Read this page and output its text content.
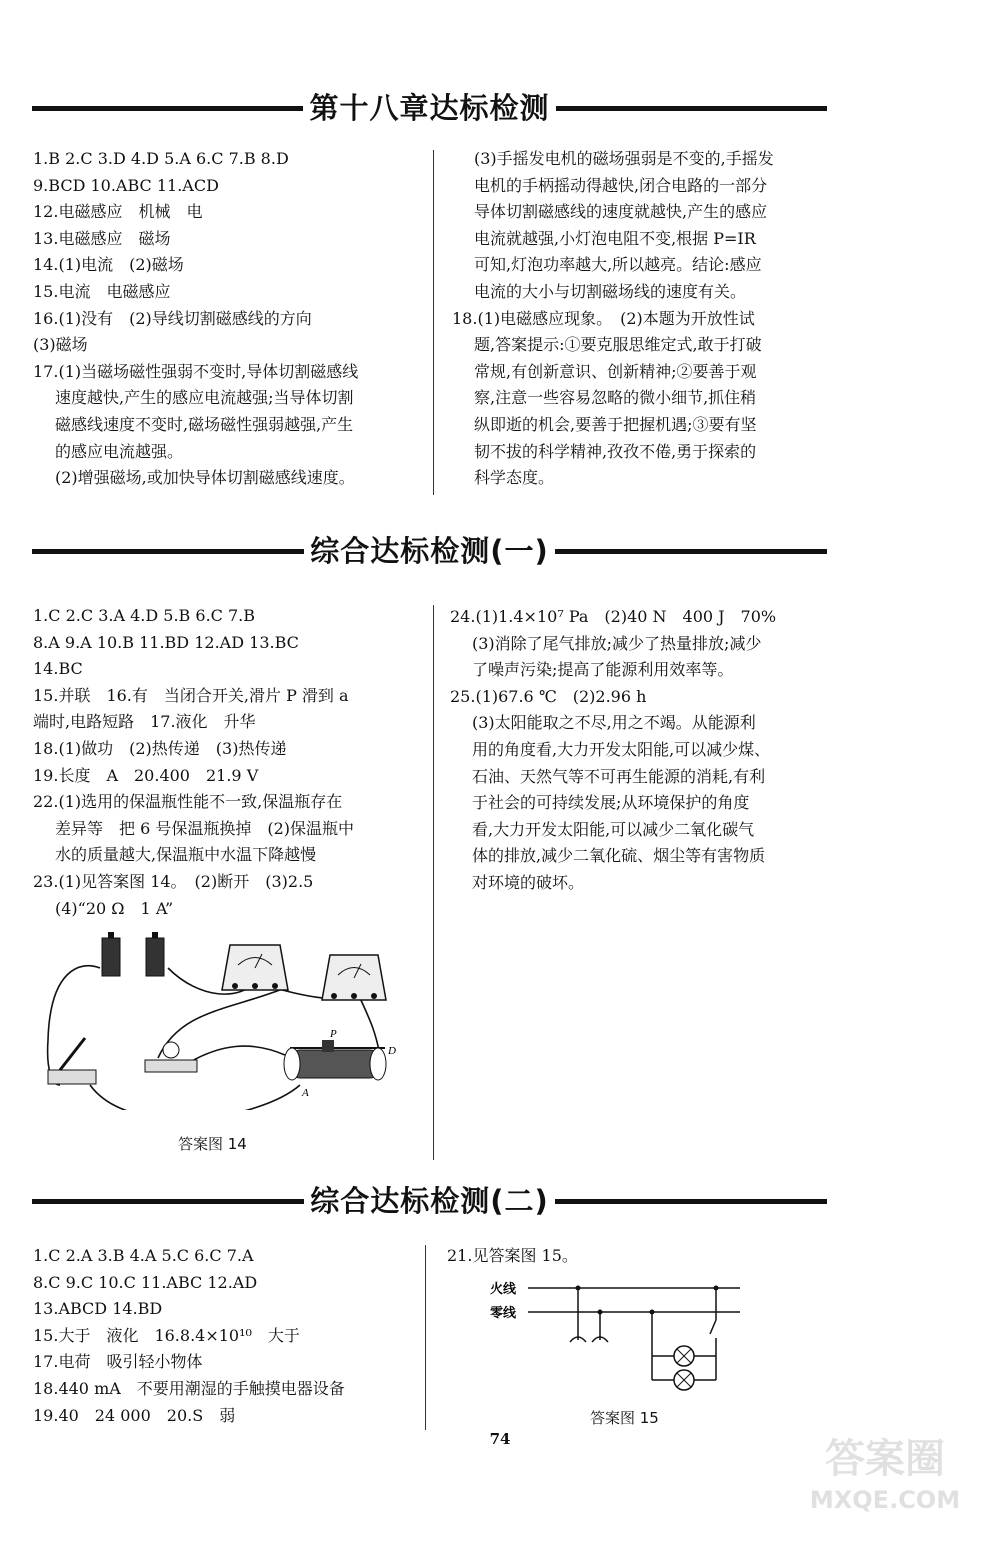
第十八章达标检测
1.B 2.C 3.D 4.D 5.A 6.C 7.B 8.D
9.BCD 10.ABC 11.ACD
12.电磁感应　机械　电
13.电磁感应　磁场
14.(1)电流　(2)磁场
15.电流　电磁感应
16.(1)没有　(2)导线切割磁感线的方向
(3)磁场
17.(1)当磁场磁性强弱不变时,导体切割磁感线
速度越快,产生的感应电流越强;当导体切割
磁感线速度不变时,磁场磁性强弱越强,产生
的感应电流越强。
(2)增强磁场,或加快导体切割磁感线速度。
(3)手摇发电机的磁场强弱是不变的,手摇发
电机的手柄摇动得越快,闭合电路的一部分
导体切割磁感线的速度就越快,产生的感应
电流就越强,小灯泡电阻不变,根据 P=IR
可知,灯泡功率越大,所以越亮。结论:感应
电流的大小与切割磁场线的速度有关。
18.(1)电磁感应现象。　(2)本题为开放性试
题,答案提示:①要克服思维定式,敢于打破
常规,有创新意识、创新精神;②要善于观
察,注意一些容易忽略的微小细节,抓住稍
纵即逝的机会,要善于把握机遇;③要有坚
韧不拔的科学精神,孜孜不倦,勇于探索的
科学态度。
综合达标检测(一)
1.C 2.C 3.A 4.D 5.B 6.C 7.B
8.A 9.A 10.B 11.BD 12.AD 13.BC
14.BC
15.并联　16.有　当闭合开关,滑片 P 滑到 a
端时,电路短路　17.液化　升华
18.(1)做功　(2)热传递　(3)热传递
19.长度　A　20.400　21.9 V
22.(1)选用的保温瓶性能不一致,保温瓶存在
差异等　把 6 号保温瓶换掉　(2)保温瓶中
水的质量越大,保温瓶中水温下降越慢
23.(1)见答案图 14。　(2)断开　(3)2.5
(4)“20 Ω　1 A”
24.(1)1.4×10⁷ Pa　(2)40 N　400 J　70%
(3)消除了尾气排放;减少了热量排放;减少
了噪声污染;提高了能源利用效率等。
25.(1)67.6 ℃　(2)2.96 h
(3)太阳能取之不尽,用之不竭。从能源利
用的角度看,大力开发太阳能,可以减少煤、
石油、天然气等不可再生能源的消耗,有利
于社会的可持续发展;从环境保护的角度
看,大力开发太阳能,可以减少二氧化碳气
体的排放,减少二氧化硫、烟尘等有害物质
对环境的破坏。
P
D
A
答案图 14
综合达标检测(二)
1.C 2.A 3.B 4.A 5.C 6.C 7.A
8.C 9.C 10.C 11.ABC 12.AD
13.ABCD 14.BD
15.大于　液化　16.8.4×10¹⁰　大于
17.电荷　吸引轻小物体
18.440 mA　不要用潮湿的手触摸电器设备
19.40　24 000　20.S　弱
21.见答案图 15。
火线
零线
答案图 15
74	答案圈
MXQE.COM
